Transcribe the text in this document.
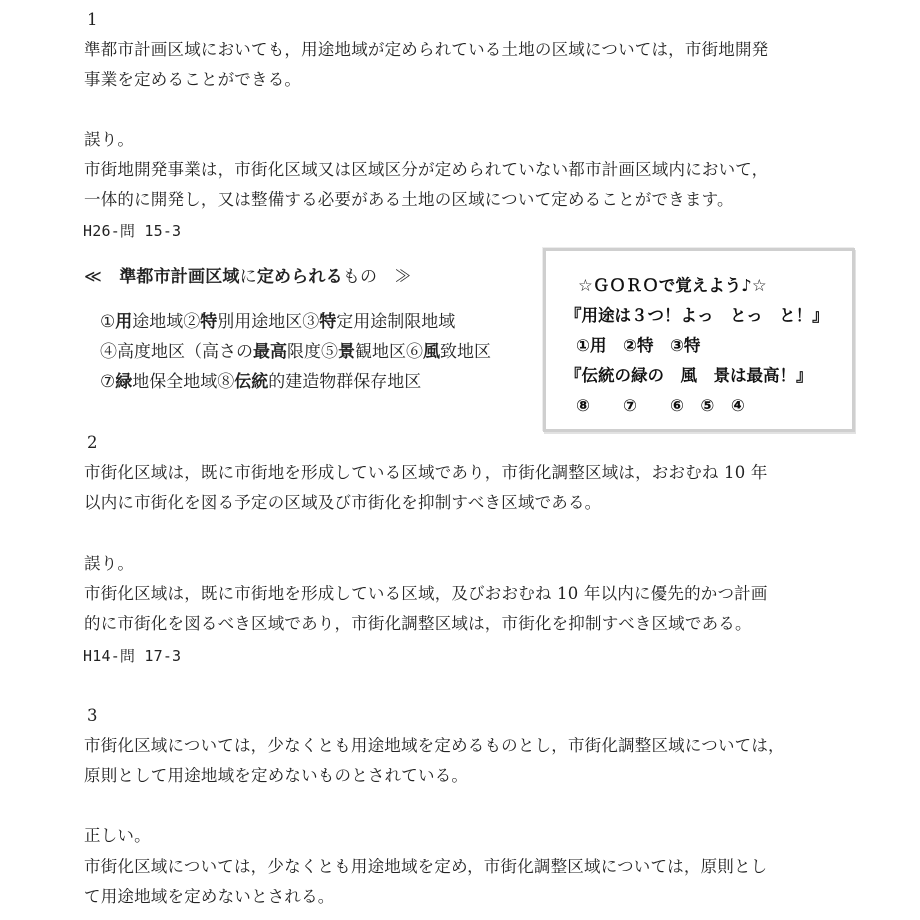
1
準都市計画区域においても，用途地域が定められている土地の区域については，市街地開発
事業を定めることができる。
誤り。
市街地開発事業は，市街化区域又は区域区分が定められていない都市計画区域内において，
一体的に開発し，又は整備する必要がある土地の区域について定めることができます。
H26-問 15-3
≪　準都市計画区域に定められるもの　≫
①用途地域②特別用途地区③特定用途制限地域
④高度地区（高さの最高限度⑤景観地区⑥風致地区
⑦緑地保全地域⑧伝統的建造物群保存地区
☆ＧＯＲＯで覚えよう♪☆
『用途は３つ！よっ　とっ　と！』
①用　②特　③特
『伝統の緑の　風　景は最高！』
⑧　　⑦　　⑥　⑤　④
2
市街化区域は，既に市街地を形成している区域であり，市街化調整区域は，おおむね 10 年
以内に市街化を図る予定の区域及び市街化を抑制すべき区域である。
誤り。
市街化区域は，既に市街地を形成している区域，及びおおむね 10 年以内に優先的かつ計画
的に市街化を図るべき区域であり，市街化調整区域は，市街化を抑制すべき区域である。
H14-問 17-3
3
市街化区域については，少なくとも用途地域を定めるものとし，市街化調整区域については，
原則として用途地域を定めないものとされている。
正しい。
市街化区域については，少なくとも用途地域を定め，市街化調整区域については，原則とし
て用途地域を定めないとされる。
